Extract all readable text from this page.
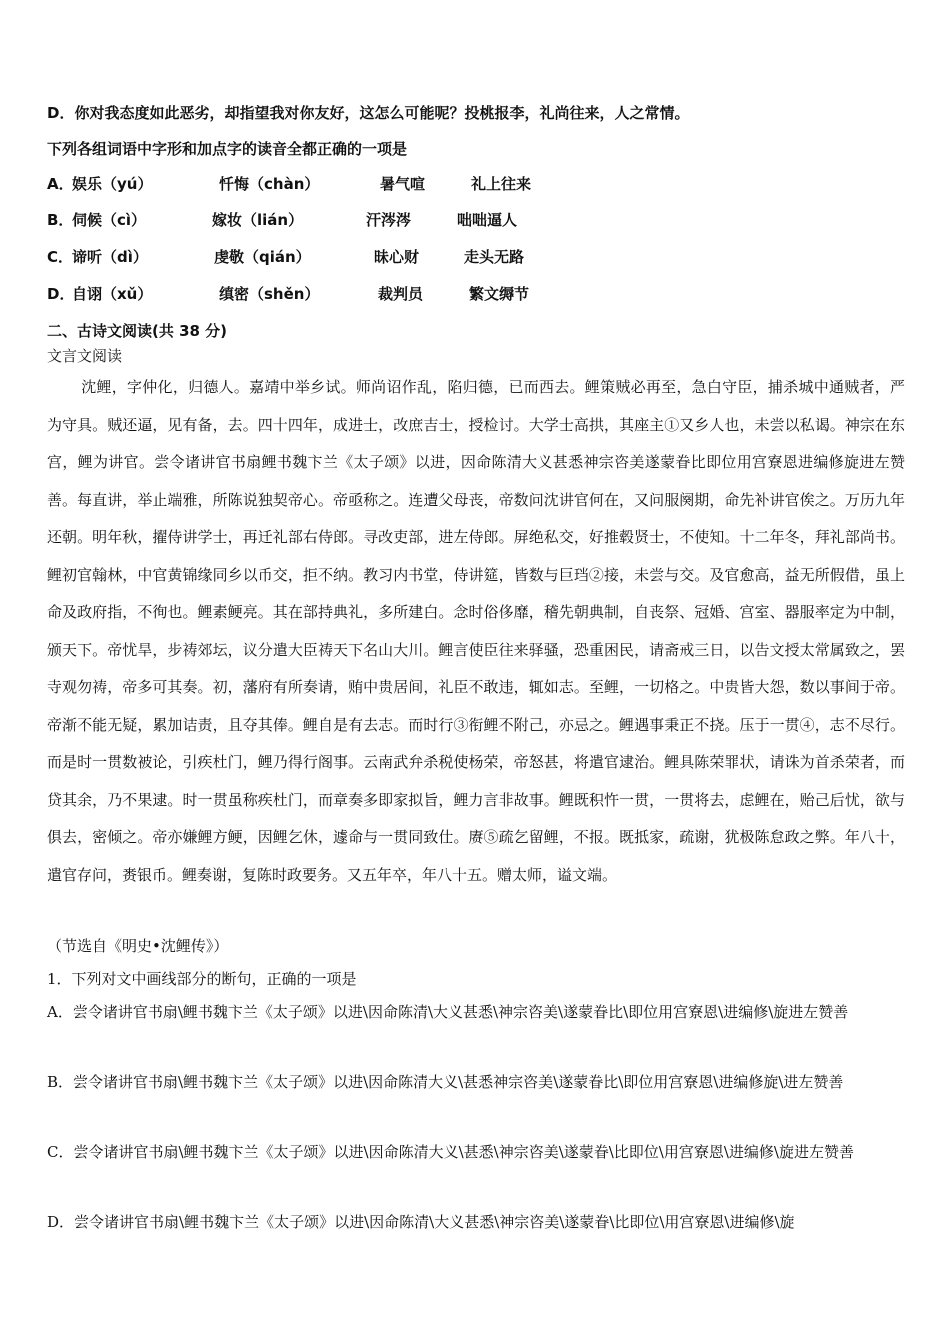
D．你对我态度如此恶劣，却指望我对你友好，这怎么可能呢？投桃报李，礼尚往来，人之常情。
下列各组词语中字形和加点字的读音全都正确的一项是
A．
娱乐（yú）	忏悔（chàn）	暑气喧	礼上往来
B．
伺候（cì）	嫁妆（lián）	汗涔涔	咄咄逼人
C．
谛听（dì）	虔敬（qián）	昧心财	走头无路
D．
自诩（xǔ）	缜密（shěn）	裁判员	繁文缛节
二、古诗文阅读(共 38 分)
文言文阅读
沈鲤，字仲化，归德人。嘉靖中举乡试。师尚诏作乱，陷归德，已而西去。鲤策贼必再至，急白守臣，捕杀城中通贼者，严为守具。贼还逼，见有备，去。四十四年，成进士，改庶吉士，授检讨。大学士高拱，其座主①又乡人也，未尝以私谒。神宗在东宫，鲤为讲官。尝令诸讲官书扇鲤书魏卞兰《太子颂》以进，因命陈清大义甚悉神宗咨美遂蒙眷比即位用宫寮恩进编修旋进左赞善。每直讲，举止端雅，所陈说独契帝心。帝亟称之。连遭父母丧，帝数问沈讲官何在，又问服阕期，命先补讲官俟之。万历九年还朝。明年秋，擢侍讲学士，再迁礼部右侍郎。寻改吏部，进左侍郎。屏绝私交，好推毂贤士，不使知。十二年冬，拜礼部尚书。鲤初官翰林，中官黄锦缘同乡以币交，拒不纳。教习内书堂，侍讲筵，皆数与巨珰②接，未尝与交。及官愈高，益无所假借，虽上命及政府指，不徇也。鲤素鲠亮。其在部持典礼，多所建白。念时俗侈靡，稽先朝典制，自丧祭、冠婚、宫室、器服率定为中制，颁天下。帝忧旱，步祷郊坛，议分遣大臣祷天下名山大川。鲤言使臣往来驿骚，恐重困民，请斋戒三日，以告文授太常属致之，罢寺观勿祷，帝多可其奏。初，藩府有所奏请，贿中贵居间，礼臣不敢违，辄如志。至鲤，一切格之。中贵皆大怨，数以事间于帝。帝渐不能无疑，累加诘责，且夺其俸。鲤自是有去志。而时行③衔鲤不附己，亦忌之。鲤遇事秉正不挠。压于一贯④，志不尽行。而是时一贯数被论，引疾杜门，鲤乃得行阁事。云南武弁杀税使杨荣，帝怒甚，将遣官逮治。鲤具陈荣罪状，请诛为首杀荣者，而贷其余，乃不果逮。时一贯虽称疾杜门，而章奏多即家拟旨，鲤力言非故事。鲤既积忤一贯，一贯将去，虑鲤在，贻己后忧，欲与俱去，密倾之。帝亦嫌鲤方鲠，因鲤乞休，遽命与一贯同致仕。赓⑤疏乞留鲤，不报。既抵家，疏谢，犹极陈怠政之弊。年八十，遣官存问，赉银币。鲤奏谢，复陈时政要务。又五年卒，年八十五。赠太师，谥文端。
（节选自《明史•沈鲤传》）
1．下列对文中画线部分的断句，正确的一项是
A．尝令诸讲官书扇\鲤书魏卞兰《太子颂》以进\因命陈清\大义甚悉\神宗咨美\遂蒙眷比\即位用宫寮恩\进编修\旋进左赞善
B．尝令诸讲官书扇\鲤书魏卞兰《太子颂》以进\因命陈清大义\甚悉神宗咨美\遂蒙眷比\即位用宫寮恩\进编修旋\进左赞善
C．尝令诸讲官书扇\鲤书魏卞兰《太子颂》以进\因命陈清大义\甚悉\神宗咨美\遂蒙眷\比即位\用宫寮恩\进编修\旋进左赞善
D．尝令诸讲官书扇\鲤书魏卞兰《太子颂》以进\因命陈清\大义甚悉\神宗咨美\遂蒙眷\比即位\用宫寮恩\进编修\旋
